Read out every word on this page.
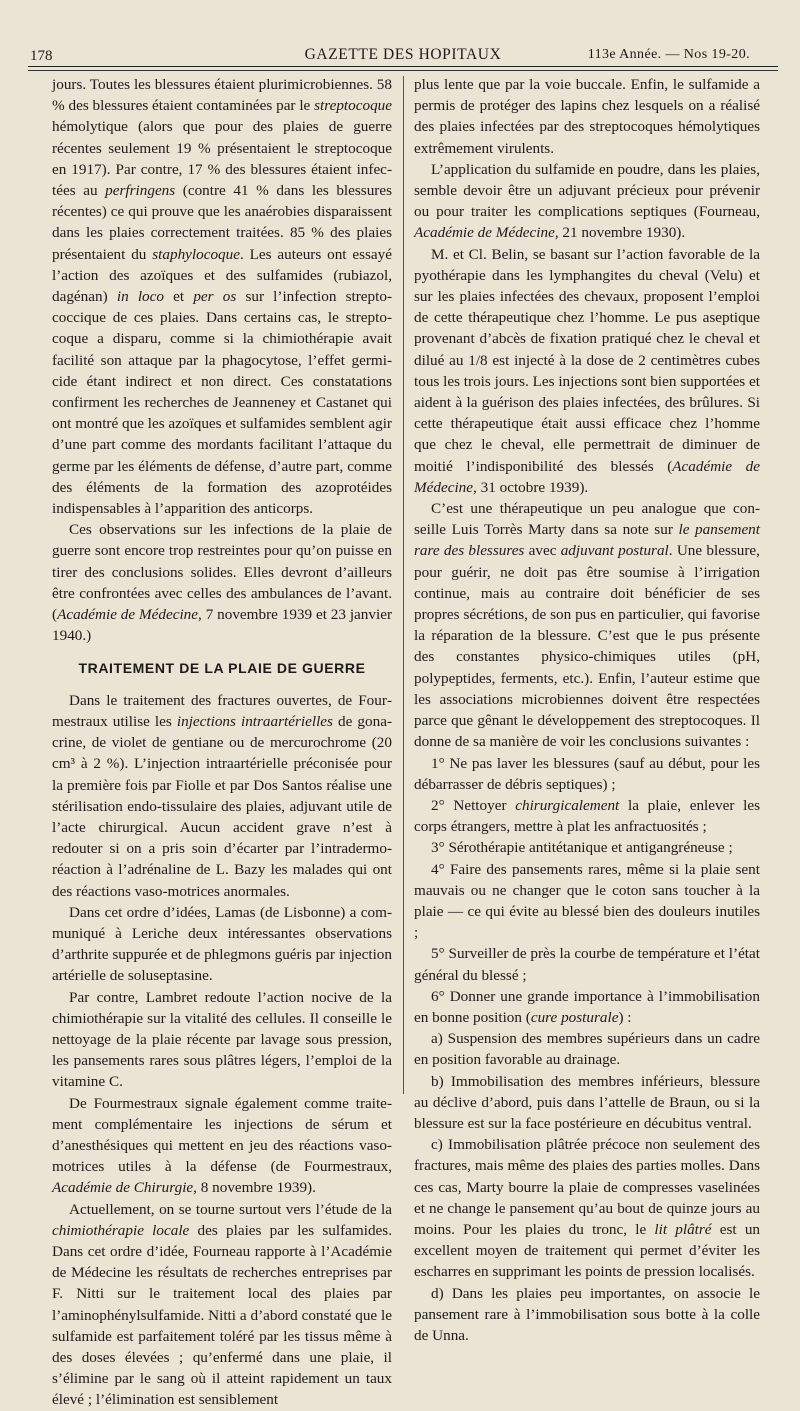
178	GAZETTE DES HOPITAUX	113e Année. — Nos 19-20.

jours. Toutes les blessures étaient plurimicrobiennes. 58 % des blessures étaient contaminées par le streptocoque hémolytique (alors que pour des plaies de guerre récentes seulement 19 % présentaient le streptocoque en 1917). Par contre, 17 % des blessures étaient infectées au perfringens (contre 41 % dans les blessures récentes) ce qui prouve que les anaérobies disparaissent dans les plaies correctement traitées. 85 % des plaies présentaient du staphylocoque. Les auteurs ont essayé l’action des azoïques et des sulfamides (rubiazol, dagénan) in loco et per os sur l’infection streptococcique de ces plaies. Dans certains cas, le streptocoque a disparu, comme si la chimiothérapie avait facilité son attaque par la phagocytose, l’effet germicide étant indirect et non direct. Ces constatations confirment les recherches de Jeanneney et Castanet qui ont montré que les azoïques et sulfamides semblent agir d’une part comme des mordants facilitant l’attaque du germe par les éléments de défense, d’autre part, comme des éléments de la formation des azoprotéides indispensables à l’apparition des anticorps.

Ces observations sur les infections de la plaie de guerre sont encore trop restreintes pour qu’on puisse en tirer des conclusions solides. Elles devront d’ailleurs être confrontées avec celles des ambulances de l’avant. (Académie de Médecine, 7 novembre 1939 et 23 janvier 1940.)

TRAITEMENT DE LA PLAIE DE GUERRE

Dans le traitement des fractures ouvertes, de Fourmestraux utilise les injections intraartérielles de gonacrine, de violet de gentiane ou de mercurochrome (20 cm³ à 2 %). L’injection intraartérielle préconisée pour la première fois par Fiolle et par Dos Santos réalise une stérilisation endo-tissulaire des plaies, adjuvant utile de l’acte chirurgical. Aucun accident grave n’est à redouter si on a pris soin d’écarter par l’intradermo-réaction à l’adrénaline de L. Bazy les malades qui ont des réactions vaso-motrices anormales.

Dans cet ordre d’idées, Lamas (de Lisbonne) a communiqué à Leriche deux intéressantes observations d’arthrite suppurée et de phlegmons guéris par injection artérielle de soluseptasine.

Par contre, Lambret redoute l’action nocive de la chimiothérapie sur la vitalité des cellules. Il conseille le nettoyage de la plaie récente par lavage sous pression, les pansements rares sous plâtres légers, l’emploi de la vitamine C.

De Fourmestraux signale également comme traitement complémentaire les injections de sérum et d’anesthésiques qui mettent en jeu des réactions vaso-motrices utiles à la défense (de Fourmestraux, Académie de Chirurgie, 8 novembre 1939).

Actuellement, on se tourne surtout vers l’étude de la chimiothérapie locale des plaies par les sulfamides. Dans cet ordre d’idée, Fourneau rapporte à l’Académie de Médecine les résultats de recherches entreprises par F. Nitti sur le traitement local des plaies par l’aminophénylsulfamide. Nitti a d’abord constaté que le sulfamide est parfaitement toléré par les tissus même à des doses élevées ; qu’enfermé dans une plaie, il s’élimine par le sang où il atteint rapidement un taux élevé ; l’élimination est sensiblement

plus lente que par la voie buccale. Enfin, le sulfamide a permis de protéger des lapins chez lesquels on a réalisé des plaies infectées par des streptocoques hémolytiques extrêmement virulents.

L’application du sulfamide en poudre, dans les plaies, semble devoir être un adjuvant précieux pour prévenir ou pour traiter les complications septiques (Fourneau, Académie de Médecine, 21 novembre 1930).

M. et Cl. Belin, se basant sur l’action favorable de la pyothérapie dans les lymphangites du cheval (Velu) et sur les plaies infectées des chevaux, proposent l’emploi de cette thérapeutique chez l’homme. Le pus aseptique provenant d’abcès de fixation pratiqué chez le cheval et dilué au 1/8 est injecté à la dose de 2 centimètres cubes tous les trois jours. Les injections sont bien supportées et aident à la guérison des plaies infectées, des brûlures. Si cette thérapeutique était aussi efficace chez l’homme que chez le cheval, elle permettrait de diminuer de moitié l’indisponibilité des blessés (Académie de Médecine, 31 octobre 1939).

C’est une thérapeutique un peu analogue que conseille Luis Torrès Marty dans sa note sur le pansement rare des blessures avec adjuvant postural. Une blessure, pour guérir, ne doit pas être soumise à l’irrigation continue, mais au contraire doit bénéficier de ses propres sécrétions, de son pus en particulier, qui favorise la réparation de la blessure. C’est que le pus présente des constantes physico-chimiques utiles (pH, polypeptides, ferments, etc.). Enfin, l’auteur estime que les associations microbiennes doivent être respectées parce que gênant le développement des streptocoques. Il donne de sa manière de voir les conclusions suivantes :

1° Ne pas laver les blessures (sauf au début, pour les débarrasser de débris septiques) ;

2° Nettoyer chirurgicalement la plaie, enlever les corps étrangers, mettre à plat les anfractuosités ;

3° Sérothérapie antitétanique et antigangréneuse ;

4° Faire des pansements rares, même si la plaie sent mauvais ou ne changer que le coton sans toucher à la plaie — ce qui évite au blessé bien des douleurs inutiles ;

5° Surveiller de près la courbe de température et l’état général du blessé ;

6° Donner une grande importance à l’immobilisation en bonne position (cure posturale) :

a) Suspension des membres supérieurs dans un cadre en position favorable au drainage.

b) Immobilisation des membres inférieurs, blessure au déclive d’abord, puis dans l’attelle de Braun, ou si la blessure est sur la face postérieure en décubitus ventral.

c) Immobilisation plâtrée précoce non seulement des fractures, mais même des plaies des parties molles. Dans ces cas, Marty bourre la plaie de compresses vaselinées et ne change le pansement qu’au bout de quinze jours au moins. Pour les plaies du tronc, le lit plâtré est un excellent moyen de traitement qui permet d’éviter les escharres en supprimant les points de pression localisés.

d) Dans les plaies peu importantes, on associe le pansement rare à l’immobilisation sous botte à la colle de Unna.
